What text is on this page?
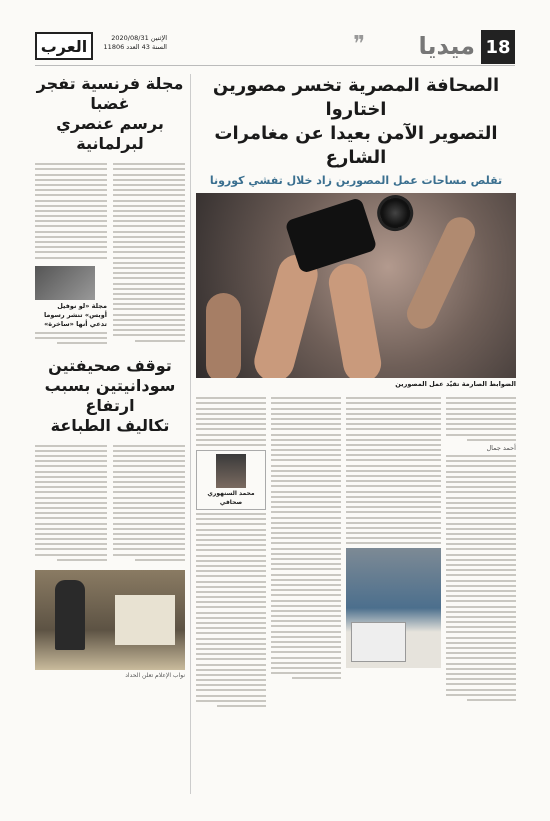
18
ميديا
❞
العرب	الإثنين 2020/08/31
السنة 43 العدد 11806
مجلة فرنسية تفجر غضبا
برسم عنصري لبرلمانية
مجلة «لو نوفيل أوبس» تنشر رسوما تدعي أنها «ساخرة»
توقف صحيفتين
سودانيتين بسبب ارتفاع
تكاليف الطباعة
نواب الإعلام تعلن الحداد
الصحافة المصرية تخسر مصورين اختاروا
التصوير الآمن بعيدا عن مغامرات الشارع
تقلص مساحات عمل المصورين زاد خلال تفشي كورونا
الضوابط الصارمة تقيّد عمل المصورين
أحمد جمال
محمد السنهوري
صحافي
